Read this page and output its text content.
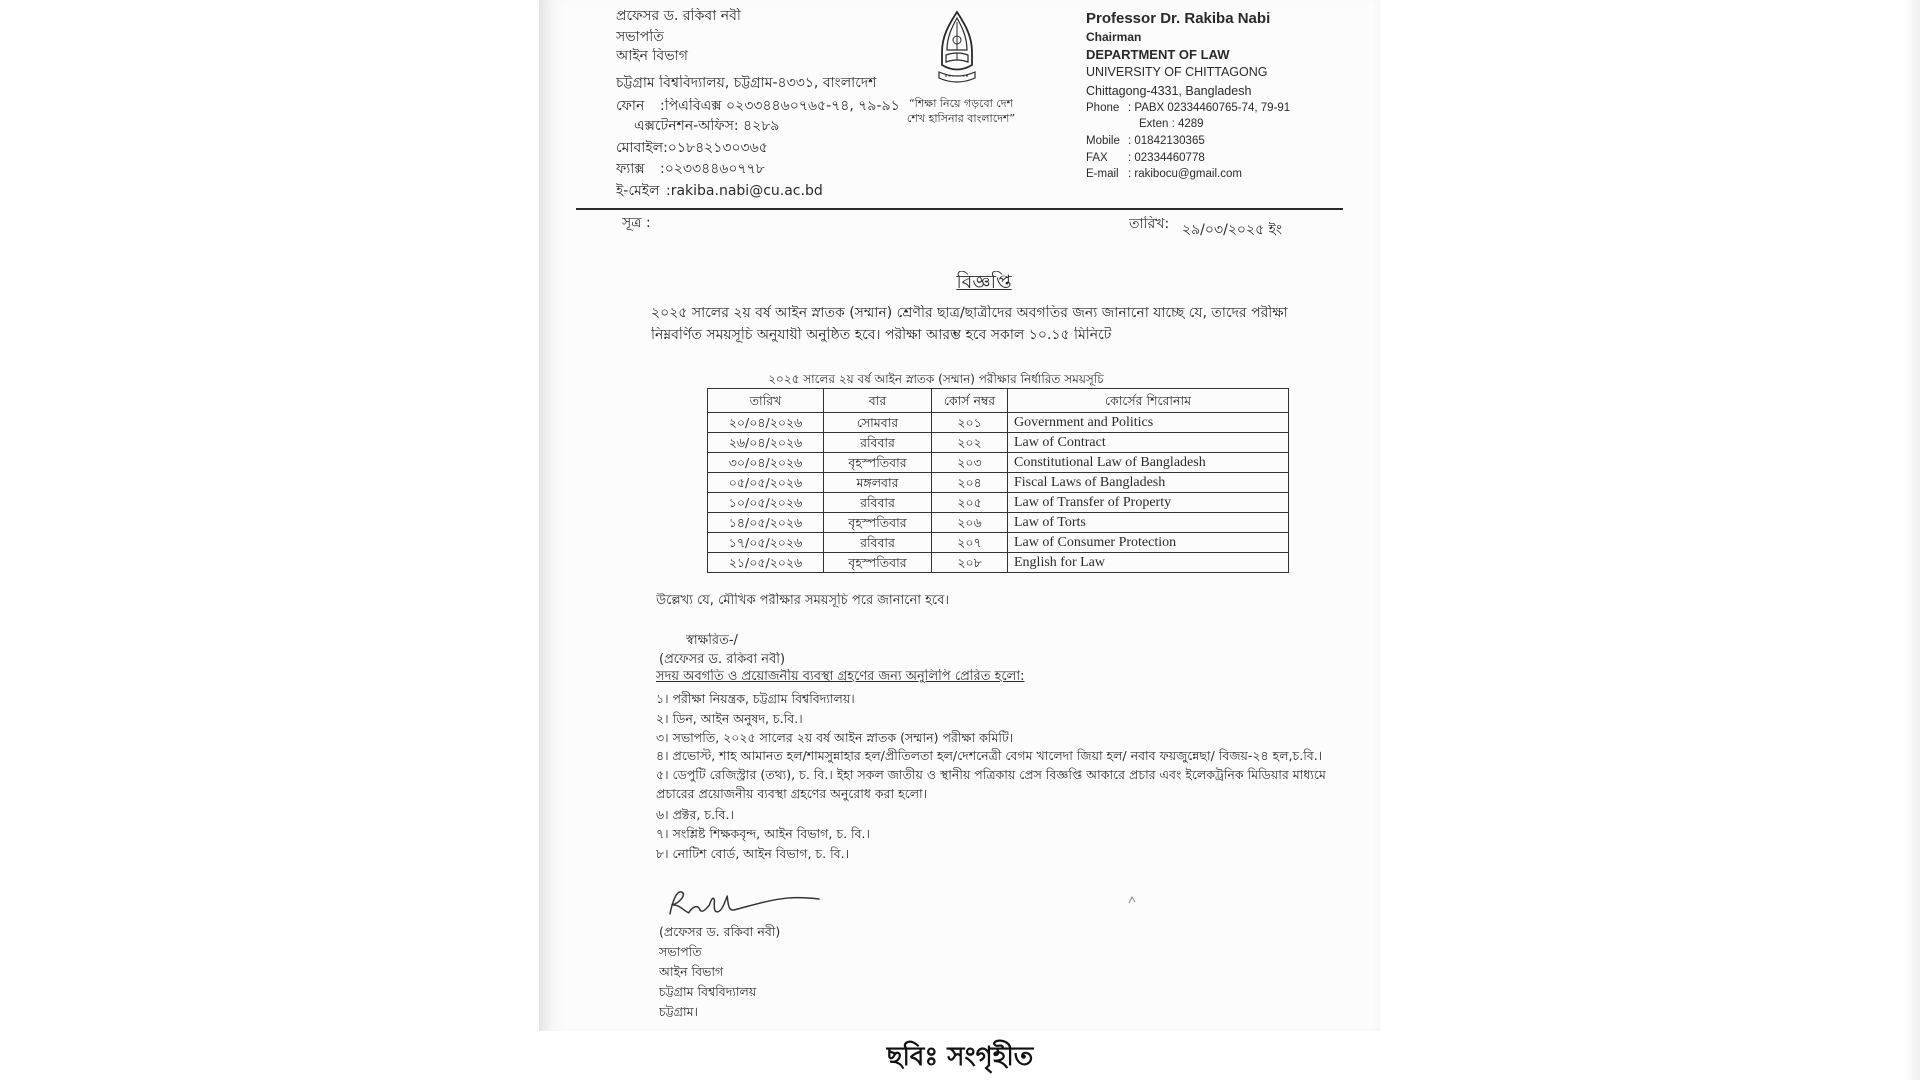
প্রফেসর ড. রকিবা নবী
সভাপতি
আইন বিভাগ
চট্টগ্রাম বিশ্ববিদ্যালয়, চট্টগ্রাম-৪৩৩১, বাংলাদেশ
ফোন :পিএবিএক্স ০২৩৩৪৪৬০৭৬৫-৭৪, ৭৯-৯১
এক্সটেনশন-অফিস: ৪২৮৯
মোবাইল:০১৮৪২১৩০৩৬৫
ফ্যাক্স :০২৩৩৪৪৬০৭৭৮
ই-মেইল :rakiba.nabi@cu.ac.bd
“শিক্ষা নিয়ে গড়বো দেশ
শেখ হাসিনার বাংলাদেশ”
Professor Dr. Rakiba Nabi
Chairman
DEPARTMENT OF LAW
UNIVERSITY OF CHITTAGONG
Chittagong-4331, Bangladesh
Phone : PABX 02334460765-74, 79-91
Exten : 4289
Mobile : 01842130365
FAX : 02334460778
E-mail : rakibocu@gmail.com
সূত্র :	তারিখ: ২৯/০৩/২০২৫ ইং
বিজ্ঞপ্তি
২০২৫ সালের ২য় বর্ষ আইন স্নাতক (সম্মান) শ্রেণীর ছাত্র/ছাত্রীদের অবগতির জন্য জানানো যাচ্ছে যে, তাদের পরীক্ষা
নিম্নবর্ণিত সময়সূচি অনুযায়ী অনুষ্ঠিত হবে। পরীক্ষা আরম্ভ হবে সকাল ১০.১৫ মিনিটে
২০২৫ সালের ২য় বর্ষ আইন স্নাতক (সম্মান) পরীক্ষার নির্ধারিত সময়সূচি
তারিখ	বার	কোর্স নম্বর	কোর্সের শিরোনাম
২০/০৪/২০২৬	সোমবার	২০১	Government and Politics
২৬/০৪/২০২৬	রবিবার	২০২	Law of Contract
৩০/০৪/২০২৬	বৃহস্পতিবার	২০৩	Constitutional Law of Bangladesh
০৫/০৫/২০২৬	মঙ্গলবার	২০৪	Fiscal Laws of Bangladesh
১০/০৫/২০২৬	রবিবার	২০৫	Law of Transfer of Property
১৪/০৫/২০২৬	বৃহস্পতিবার	২০৬	Law of Torts
১৭/০৫/২০২৬	রবিবার	২০৭	Law of Consumer Protection
২১/০৫/২০২৬	বৃহস্পতিবার	২০৮	English for Law
উল্লেখ্য যে, মৌখিক পরীক্ষার সময়সূচি পরে জানানো হবে।
স্বাক্ষরিত-/
(প্রফেসর ড. রকিবা নবী)
সদয় অবগতি ও প্রয়োজনীয় ব্যবস্থা গ্রহণের জন্য অনুলিপি প্রেরিত হলো:
১। পরীক্ষা নিয়ন্ত্রক, চট্টগ্রাম বিশ্ববিদ্যালয়।
২। ডিন, আইন অনুষদ, চ.বি.।
৩। সভাপতি, ২০২৫ সালের ২য় বর্ষ আইন স্নাতক (সম্মান) পরীক্ষা কমিটি।
৪। প্রভোস্ট, শাহ আমানত হল/শামসুন্নাহার হল/প্রীতিলতা হল/দেশনেত্রী বেগম খালেদা জিয়া হল/ নবাব ফয়জুন্নেছা/ বিজয়-২৪ হল,চ.বি.।
৫। ডেপুটি রেজিস্ট্রার (তথ্য), চ. বি.। ইহা সকল জাতীয় ও স্থানীয় পত্রিকায় প্রেস বিজ্ঞপ্তি আকারে প্রচার এবং ইলেকট্রনিক মিডিয়ার মাধ্যমে
প্রচারের প্রয়োজনীয় ব্যবস্থা গ্রহণের অনুরোধ করা হলো।
৬। প্রক্টর, চ.বি.।
৭। সংশ্লিষ্ট শিক্ষকবৃন্দ, আইন বিভাগ, চ. বি.।
৮। নোটিশ বোর্ড, আইন বিভাগ, চ. বি.।
(প্রফেসর ড. রকিবা নবী)
সভাপতি
আইন বিভাগ
চট্টগ্রাম বিশ্ববিদ্যালয়
চট্টগ্রাম।
ছবিঃ সংগৃহীত
